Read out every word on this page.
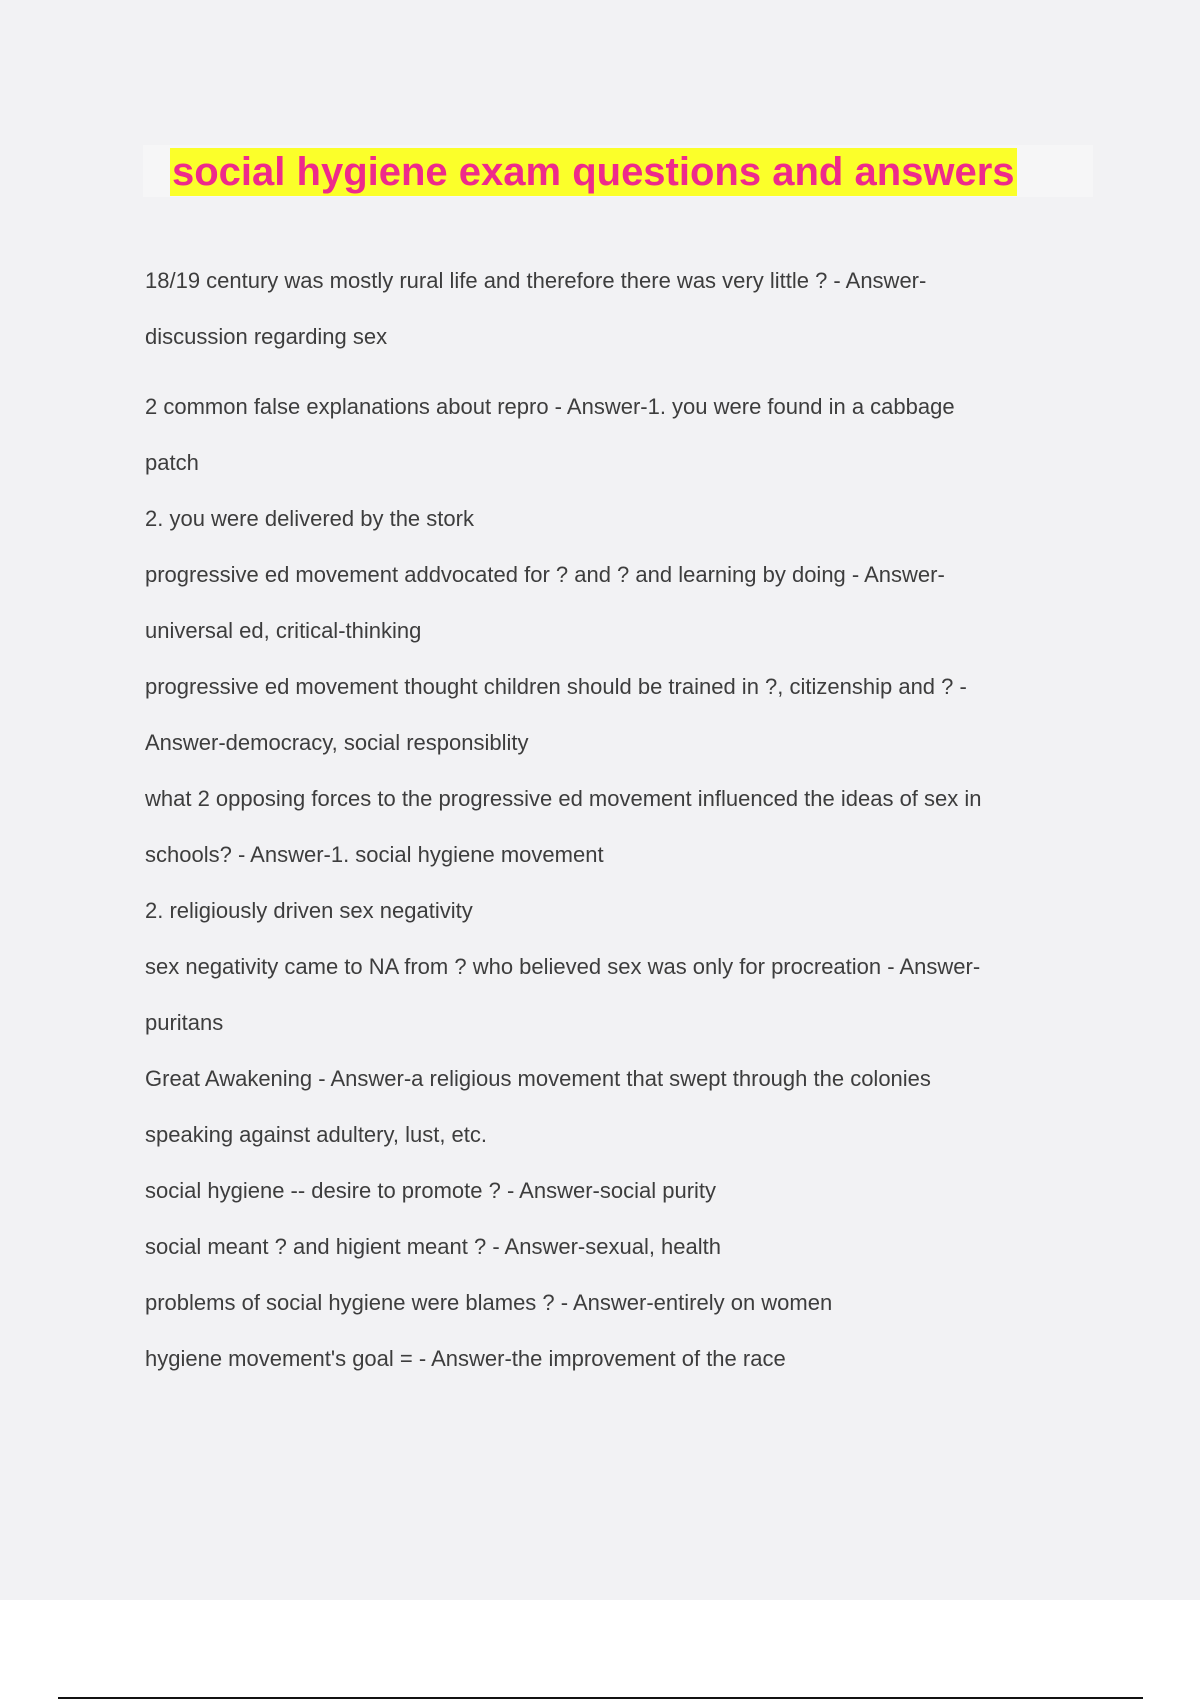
social hygiene exam questions and answers
18/19 century was mostly rural life and therefore there was very little ? - Answer-
discussion regarding sex
2 common false explanations about repro - Answer-1. you were found in a cabbage
patch
2. you were delivered by the stork
progressive ed movement addvocated for ? and ? and learning by doing - Answer-
universal ed, critical-thinking
progressive ed movement thought children should be trained in ?, citizenship and ? -
Answer-democracy, social responsiblity
what 2 opposing forces to the progressive ed movement influenced the ideas of sex in
schools? - Answer-1. social hygiene movement
2. religiously driven sex negativity
sex negativity came to NA from ? who believed sex was only for procreation - Answer-
puritans
Great Awakening - Answer-a religious movement that swept through the colonies
speaking against adultery, lust, etc.
social hygiene -- desire to promote ? - Answer-social purity
social meant ? and higient meant ? - Answer-sexual, health
problems of social hygiene were blames ? - Answer-entirely on women
hygiene movement's goal = - Answer-the improvement of the race
